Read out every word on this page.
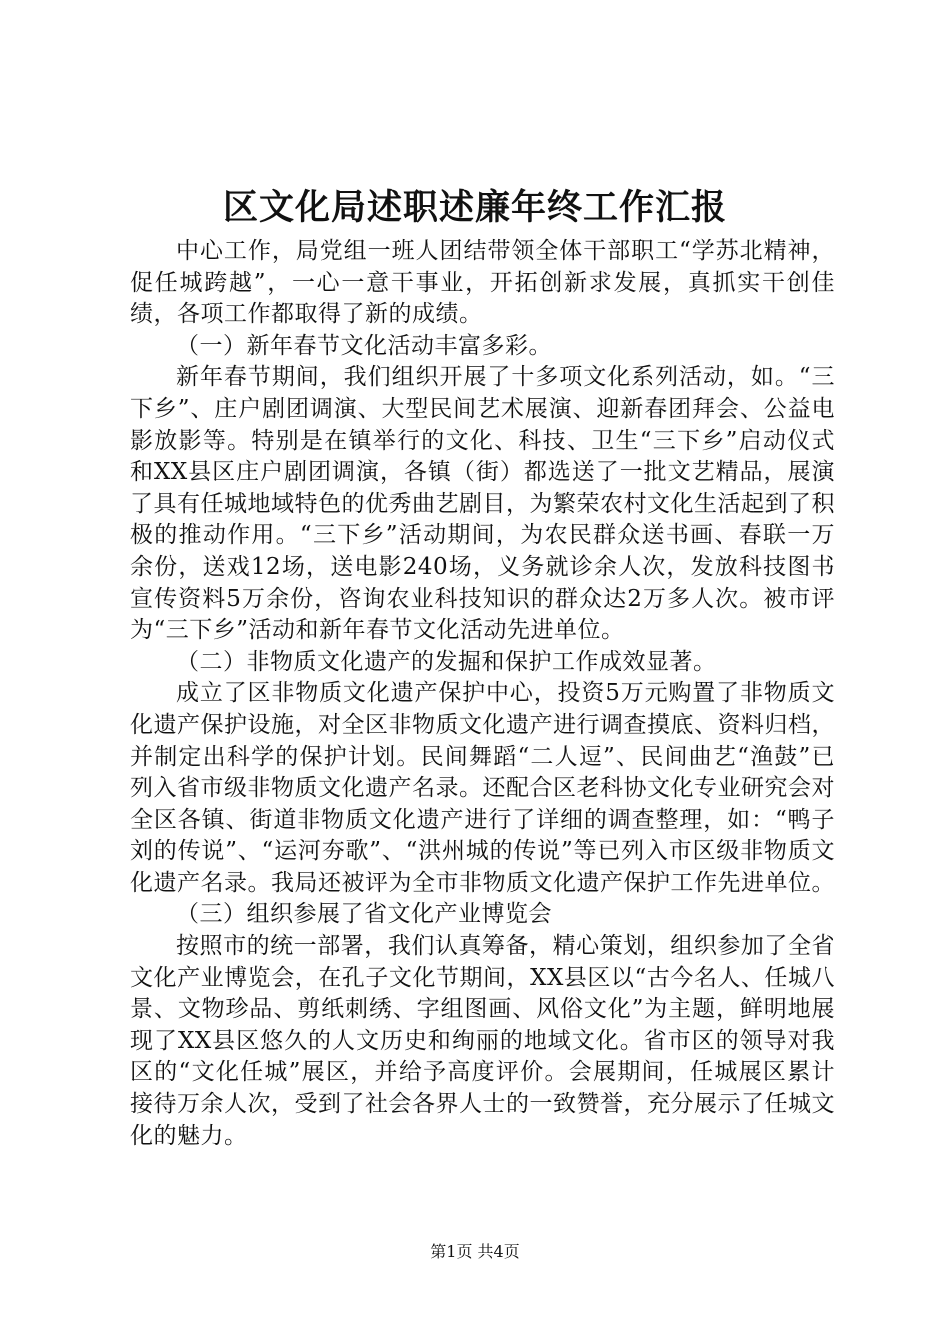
区文化局述职述廉年终工作汇报

中心工作，局党组一班人团结带领全体干部职工“学苏北精神，促任城跨越”，一心一意干事业，开拓创新求发展，真抓实干创佳绩，各项工作都取得了新的成绩。

（一）新年春节文化活动丰富多彩。

新年春节期间，我们组织开展了十多项文化系列活动，如。“三下乡”、庄户剧团调演、大型民间艺术展演、迎新春团拜会、公益电影放影等。特别是在镇举行的文化、科技、卫生“三下乡”启动仪式和XX县区庄户剧团调演，各镇（街）都选送了一批文艺精品，展演了具有任城地域特色的优秀曲艺剧目，为繁荣农村文化生活起到了积极的推动作用。“三下乡”活动期间，为农民群众送书画、春联一万余份，送戏12场，送电影240场，义务就诊余人次，发放科技图书宣传资料5万余份，咨询农业科技知识的群众达2万多人次。被市评为“三下乡”活动和新年春节文化活动先进单位。

（二）非物质文化遗产的发掘和保护工作成效显著。

成立了区非物质文化遗产保护中心，投资5万元购置了非物质文化遗产保护设施，对全区非物质文化遗产进行调查摸底、资料归档，并制定出科学的保护计划。民间舞蹈“二人逗”、民间曲艺“渔鼓”已列入省市级非物质文化遗产名录。还配合区老科协文化专业研究会对全区各镇、街道非物质文化遗产进行了详细的调查整理，如：“鸭子刘的传说”、“运河夯歌”、“洪州城的传说”等已列入市区级非物质文化遗产名录。我局还被评为全市非物质文化遗产保护工作先进单位。

（三）组织参展了省文化产业博览会

按照市的统一部署，我们认真筹备，精心策划，组织参加了全省文化产业博览会，在孔子文化节期间，XX县区以“古今名人、任城八景、文物珍品、剪纸刺绣、字组图画、风俗文化”为主题，鲜明地展现了XX县区悠久的人文历史和绚丽的地域文化。省市区的领导对我区的“文化任城”展区，并给予高度评价。会展期间，任城展区累计接待万余人次，受到了社会各界人士的一致赞誉，充分展示了任城文化的魅力。

第1页 共4页
